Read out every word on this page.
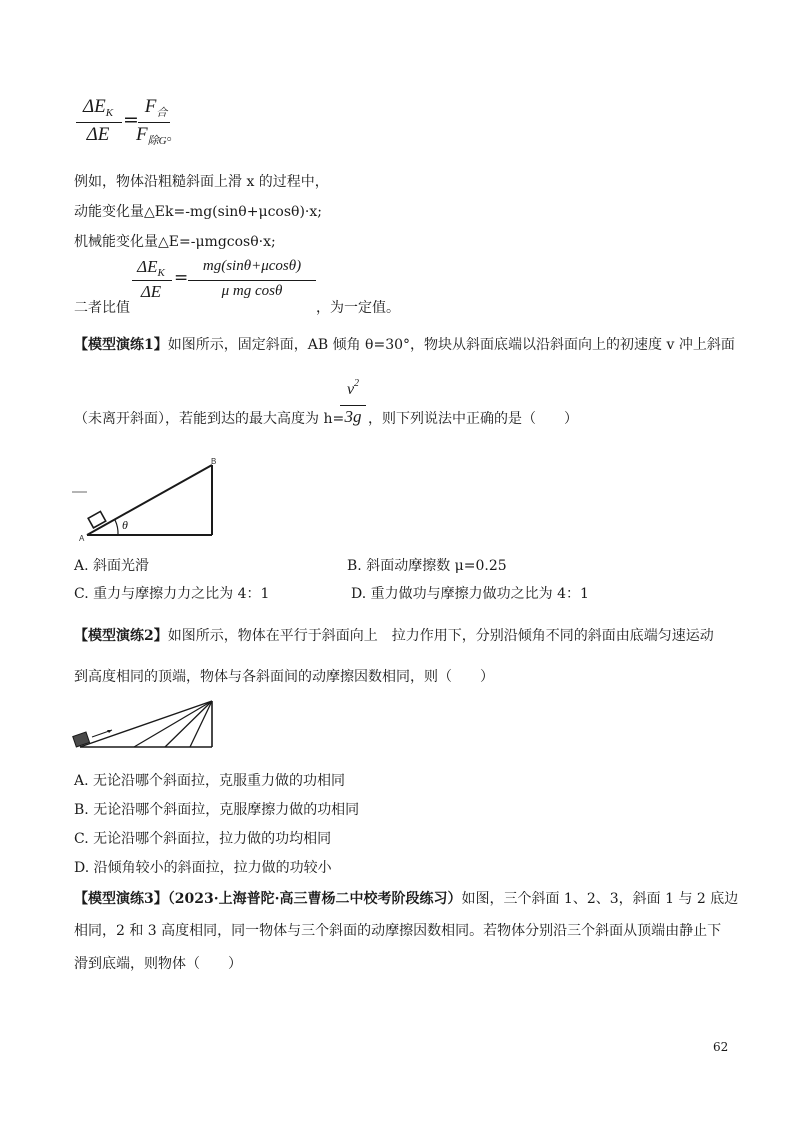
$\Delta E_K$
ΔE
=
$F_合$
$F_{除G}$。
例如，物体沿粗糙斜面上滑 x 的过程中，
动能变化量△Ek=-mg(sinθ+μcosθ)·x;
机械能变化量△E=-μmgcosθ·x;
二者比值
$\Delta E_K$
ΔE
=
mg(sinθ+μcosθ)
μ mg cosθ
，为一定值。
【模型演练1】如图所示，固定斜面，AB 倾角 θ=30°，物块从斜面底端以沿斜面向上的初速度 v 冲上斜面
（未离开斜面），若能到达的最大高度为 h=
$v^2$
3g ，则下列说法中正确的是（　　）
θ
A
B
A. 斜面光滑	B. 斜面动摩擦数 μ=0.25
C. 重力与摩擦力力之比为 4：1	D. 重力做功与摩擦力做功之比为 4：1
【模型演练2】如图所示，物体在平行于斜面向上　拉力作用下，分别沿倾角不同的斜面由底端匀速运动
到高度相同的顶端，物体与各斜面间的动摩擦因数相同，则（　　）
A. 无论沿哪个斜面拉，克服重力做的功相同
B. 无论沿哪个斜面拉，克服摩擦力做的功相同
C. 无论沿哪个斜面拉，拉力做的功均相同
D. 沿倾角较小的斜面拉，拉力做的功较小
【模型演练3】（2023·上海普陀·高三曹杨二中校考阶段练习）如图，三个斜面 1、2、3，斜面 1 与 2 底边
相同，2 和 3 高度相同，同一物体与三个斜面的动摩擦因数相同。若物体分别沿三个斜面从顶端由静止下
滑到底端，则物体（　　）
62
